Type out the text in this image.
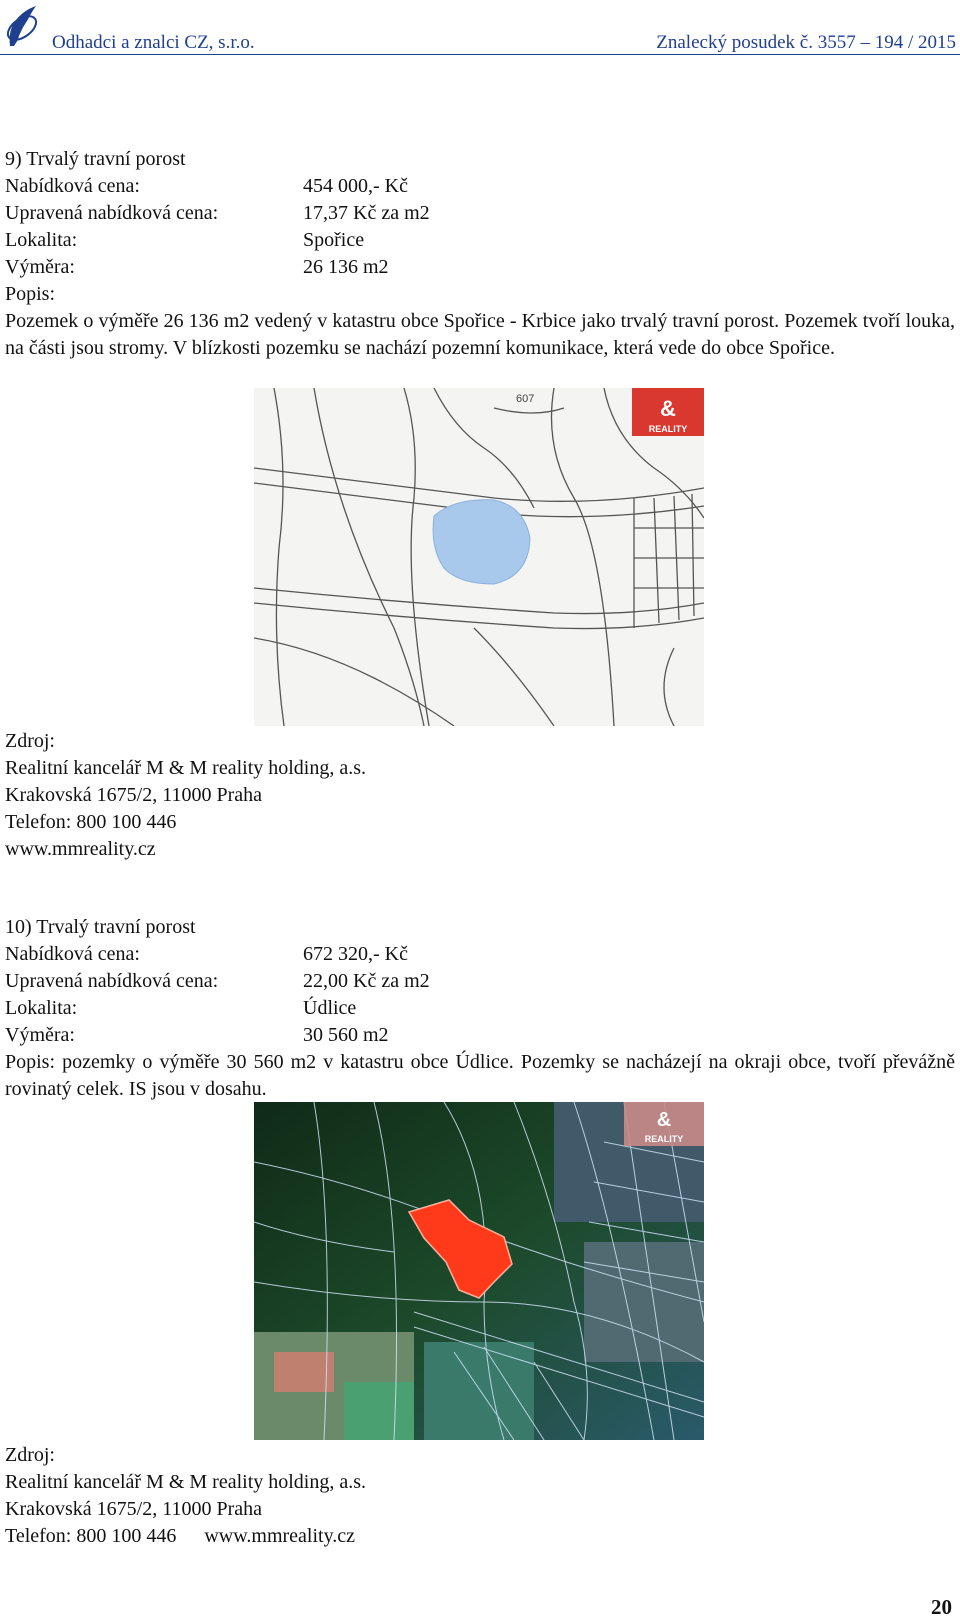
Odhadci a znalci CZ, s.r.o.	Znalecký posudek č. 3557 – 194 / 2015
9) Trvalý travní porost
Nabídková cena:	454 000,- Kč
Upravená nabídková cena:	17,37 Kč za m2
Lokalita:	Spořice
Výměra:	26 136 m2
Popis:

Pozemek o výměře 26 136 m2 vedený v katastru obce Spořice - Krbice jako trvalý travní porost. Pozemek tvoří louka, na části jsou stromy. V blízkosti pozemku se nachází pozemní komunikace, která vede do obce Spořice.

&
REALITY
607
Zdroj:
Realitní kancelář M & M reality holding, a.s.
Krakovská 1675/2, 11000 Praha
Telefon: 800 100 446
www.mmreality.cz
10) Trvalý travní porost
Nabídková cena:	672 320,- Kč
Upravená nabídková cena:	22,00 Kč za m2
Lokalita:	Údlice
Výměra:	30 560 m2

Popis: pozemky o výměře 30 560 m2 v katastru obce Údlice. Pozemky se nacházejí na okraji obce, tvoří převážně rovinatý celek. IS jsou v dosahu.

&
REALITY
Zdroj:
Realitní kancelář M & M reality holding, a.s.
Krakovská 1675/2, 11000 Praha
Telefon: 800 100 446 www.mmreality.cz
20
